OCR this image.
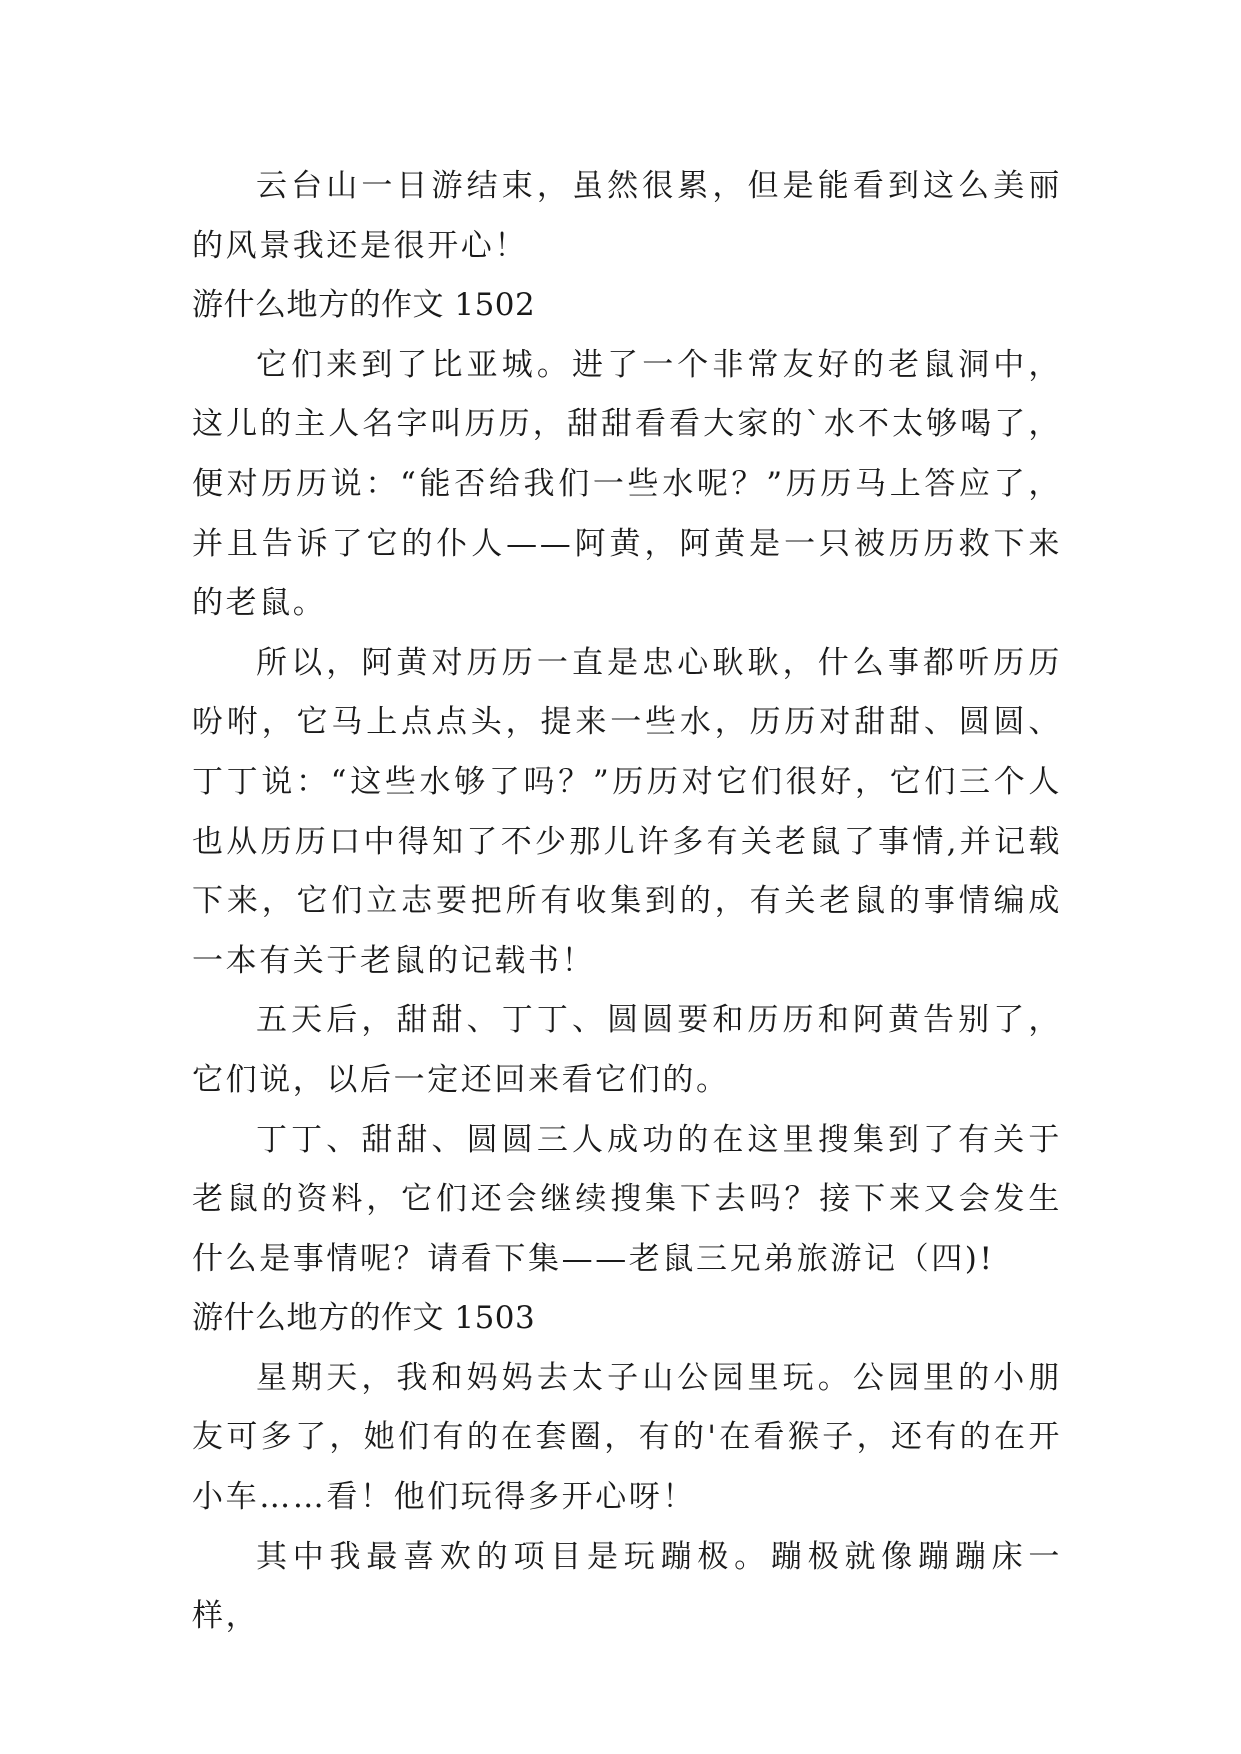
云台山一日游结束，虽然很累，但是能看到这么美丽的风景我还是很开心！

游什么地方的作文 1502

它们来到了比亚城。进了一个非常友好的老鼠洞中，这儿的主人名字叫历历，甜甜看看大家的`水不太够喝了，便对历历说：“能否给我们一些水呢？”历历马上答应了，并且告诉了它的仆人——阿黄，阿黄是一只被历历救下来的老鼠。

所以，阿黄对历历一直是忠心耿耿，什么事都听历历吩咐，它马上点点头，提来一些水，历历对甜甜、圆圆、丁丁说：“这些水够了吗？”历历对它们很好，它们三个人也从历历口中得知了不少那儿许多有关老鼠了事情,并记载下来，它们立志要把所有收集到的，有关老鼠的事情编成一本有关于老鼠的记载书！

五天后，甜甜、丁丁、圆圆要和历历和阿黄告别了，它们说，以后一定还回来看它们的。

丁丁、甜甜、圆圆三人成功的在这里搜集到了有关于老鼠的资料，它们还会继续搜集下去吗？接下来又会发生什么是事情呢？请看下集——老鼠三兄弟旅游记（四)!

游什么地方的作文 1503

星期天，我和妈妈去太子山公园里玩。公园里的小朋友可多了，她们有的在套圈，有的'在看猴子，还有的在开小车……看！他们玩得多开心呀！

其中我最喜欢的项目是玩蹦极。蹦极就像蹦蹦床一样，
